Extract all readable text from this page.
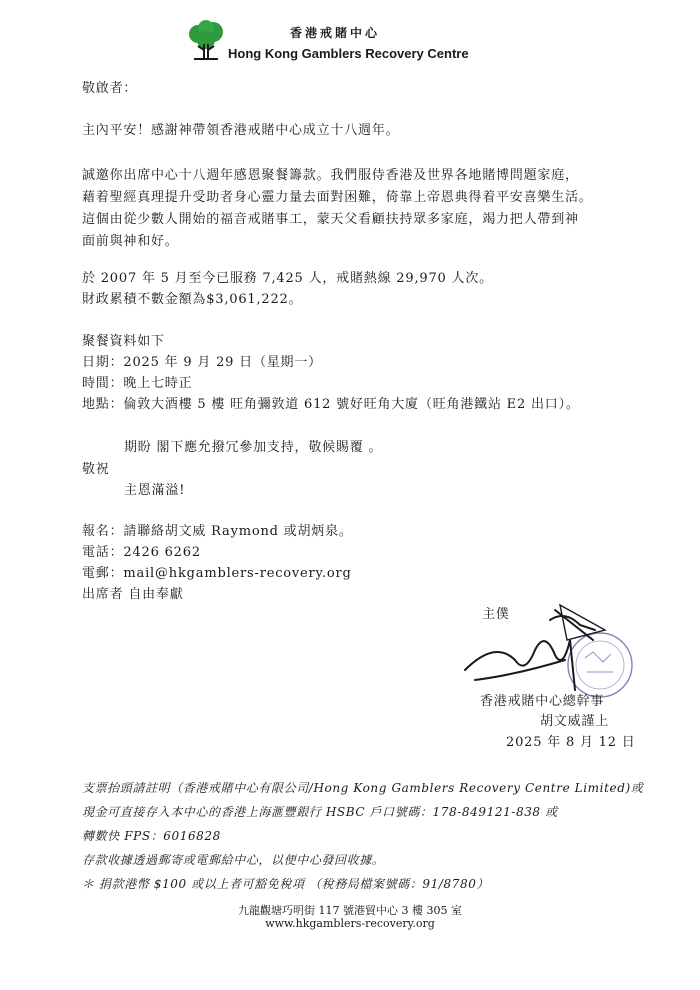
香港戒賭中心
Hong Kong Gamblers Recovery Centre
敬啟者：
主內平安！感謝神帶領香港戒賭中心成立十八週年。
誠邀你出席中心十八週年感恩聚餐籌款。我們服侍香港及世界各地賭博問題家庭，
藉着聖經真理提升受助者身心靈力量去面對困難，倚靠上帝恩典得着平安喜樂生活。
這個由從少數人開始的福音戒賭事工，蒙天父看顧扶持眾多家庭，竭力把人帶到神
面前與神和好。
於 2007 年 5 月至今已服務 7,425 人，戒賭熱線 29,970 人次。
財政累積不數金額為$3,061,222。
聚餐資料如下
日期：2025 年 9 月 29 日（星期一）
時間：晚上七時正
地點：倫敦大酒樓 5 樓 旺角彌敦道 612 號好旺角大廈（旺角港鐵站 E2 出口）。
期盼 閣下應允撥冗參加支持，敬候賜覆 。
敬祝
主恩滿溢!
報名：請聯絡胡文威 Raymond 或胡炳泉。
電話：2426 6262
電郵：mail@hkgamblers-recovery.org
出席者 自由奉獻
主僕
香港戒賭中心總幹事
胡文威謹上
2025 年 8 月 12 日
支票抬頭請註明（香港戒賭中心有限公司/Hong Kong Gamblers Recovery Centre Limited)或
現金可直接存入本中心的香港上海滙豐銀行 HSBC 戶口號碼：178-849121-838 或
轉數快 FPS：6016828
存款收據透過郵寄或電郵給中心，以便中心發回收據。
＊ 捐款港幣 $100 或以上者可豁免稅項 （稅務局檔案號碼：91/8780）
九龍觀塘巧明街 117 號港貿中心 3 樓 305 室
www.hkgamblers-recovery.org
